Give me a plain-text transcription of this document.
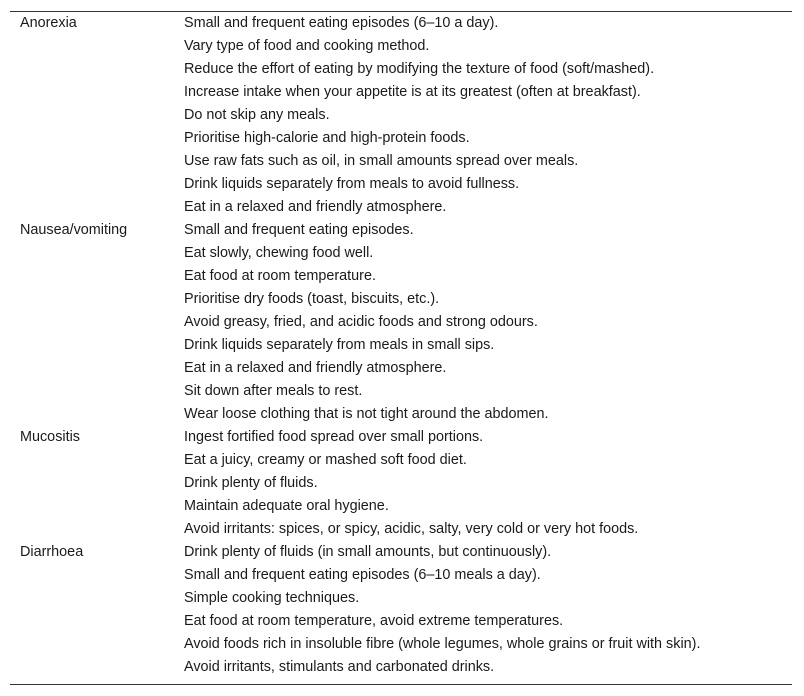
Anorexia	Small and frequent eating episodes (6–10 a day).
	Vary type of food and cooking method.
	Reduce the effort of eating by modifying the texture of food (soft/mashed).
	Increase intake when your appetite is at its greatest (often at breakfast).
	Do not skip any meals.
	Prioritise high-calorie and high-protein foods.
	Use raw fats such as oil, in small amounts spread over meals.
	Drink liquids separately from meals to avoid fullness.
	Eat in a relaxed and friendly atmosphere.
Nausea/vomiting	Small and frequent eating episodes.
	Eat slowly, chewing food well.
	Eat food at room temperature.
	Prioritise dry foods (toast, biscuits, etc.).
	Avoid greasy, fried, and acidic foods and strong odours.
	Drink liquids separately from meals in small sips.
	Eat in a relaxed and friendly atmosphere.
	Sit down after meals to rest.
	Wear loose clothing that is not tight around the abdomen.
Mucositis	Ingest fortified food spread over small portions.
	Eat a juicy, creamy or mashed soft food diet.
	Drink plenty of fluids.
	Maintain adequate oral hygiene.
	Avoid irritants: spices, or spicy, acidic, salty, very cold or very hot foods.
Diarrhoea	Drink plenty of fluids (in small amounts, but continuously).
	Small and frequent eating episodes (6–10 meals a day).
	Simple cooking techniques.
	Eat food at room temperature, avoid extreme temperatures.
	Avoid foods rich in insoluble fibre (whole legumes, whole grains or fruit with skin).
	Avoid irritants, stimulants and carbonated drinks.
